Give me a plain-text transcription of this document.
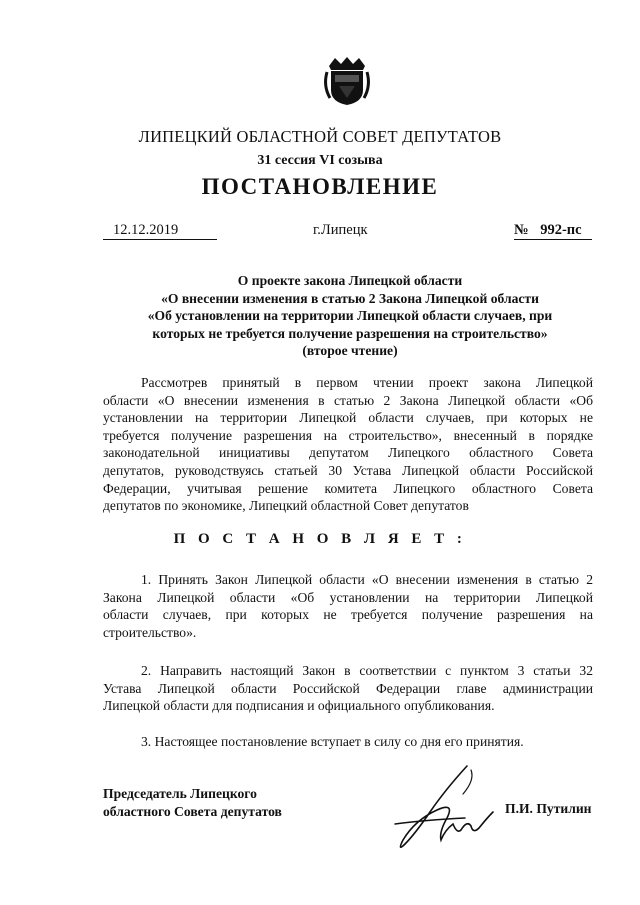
ЛИПЕЦКИЙ ОБЛАСТНОЙ СОВЕТ ДЕПУТАТОВ
31 сессия VI созыва
ПОСТАНОВЛЕНИЕ
12.12.2019	г.Липецк	№ 992-пс
О проекте закона Липецкой области
«О внесении изменения в статью 2 Закона Липецкой области
«Об установлении на территории Липецкой области случаев, при
которых не требуется получение разрешения на строительство»
(второе чтение)
Рассмотрев принятый в первом чтении проект закона Липецкой
области «О внесении изменения в статью 2 Закона Липецкой области «Об
установлении на территории Липецкой области случаев, при которых не
требуется получение разрешения на строительство», внесенный в порядке
законодательной инициативы депутатом Липецкого областного Совета
депутатов, руководствуясь статьей 30 Устава Липецкой области Российской
Федерации, учитывая решение комитета Липецкого областного Совета
депутатов по экономике, Липецкий областной Совет депутатов
П О С Т А Н О В Л Я Е Т :
1. Принять Закон Липецкой области «О внесении изменения в статью 2
Закона Липецкой области «Об установлении на территории Липецкой
области случаев, при которых не требуется получение разрешения на
строительство».
2. Направить настоящий Закон в соответствии с пунктом 3 статьи 32
Устава Липецкой области Российской Федерации главе администрации
Липецкой области для подписания и официального опубликования.
3. Настоящее постановление вступает в силу со дня его принятия.
Председатель Липецкого
областного Совета депутатов	П.И. Путилин
